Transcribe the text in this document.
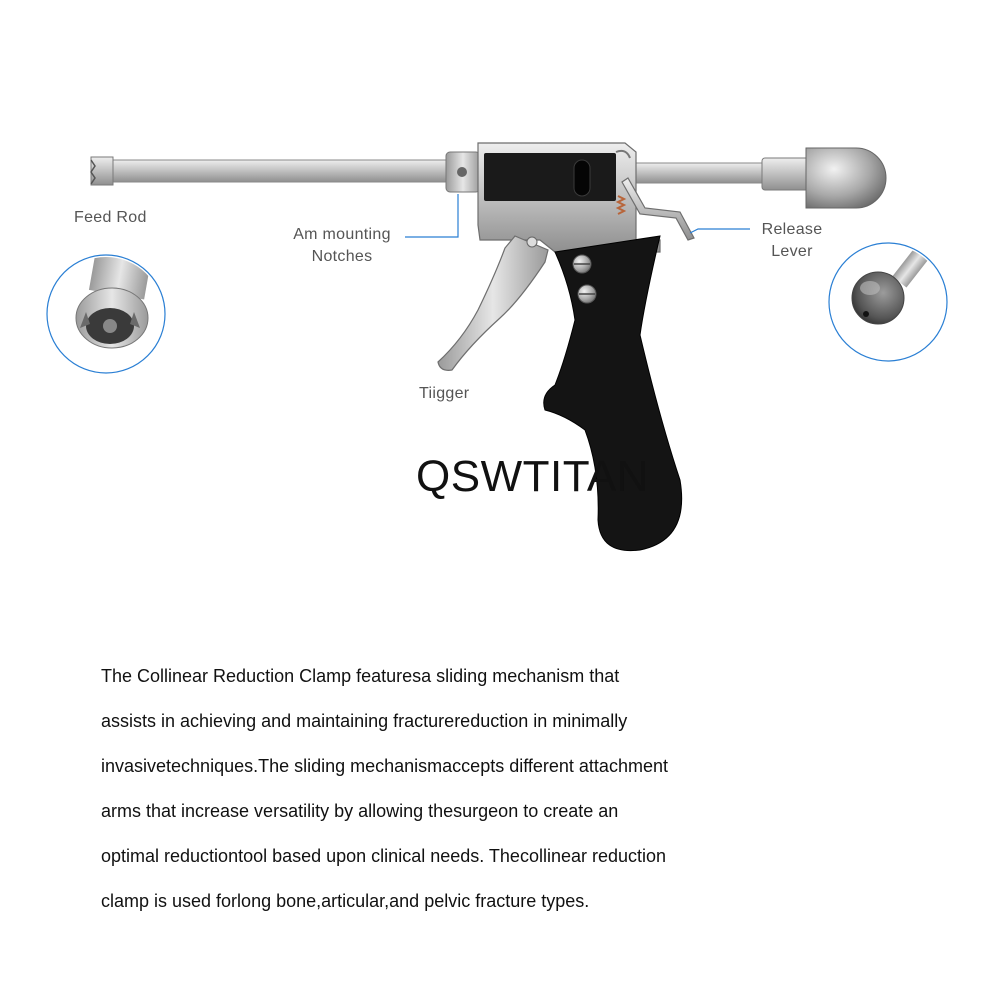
Feed Rod
Am mounting
Notches
Release
Lever
Tiigger
QSWTITAN

The Collinear Reduction Clamp featuresa sliding mechanism that

assists in achieving and maintaining fracturereduction in minimally

invasivetechniques.The sliding mechanismaccepts different attachment

arms that increase versatility by allowing thesurgeon to create an

optimal reductiontool based upon clinical needs. Thecollinear reduction

clamp is used forlong bone,articular,and pelvic fracture types.
